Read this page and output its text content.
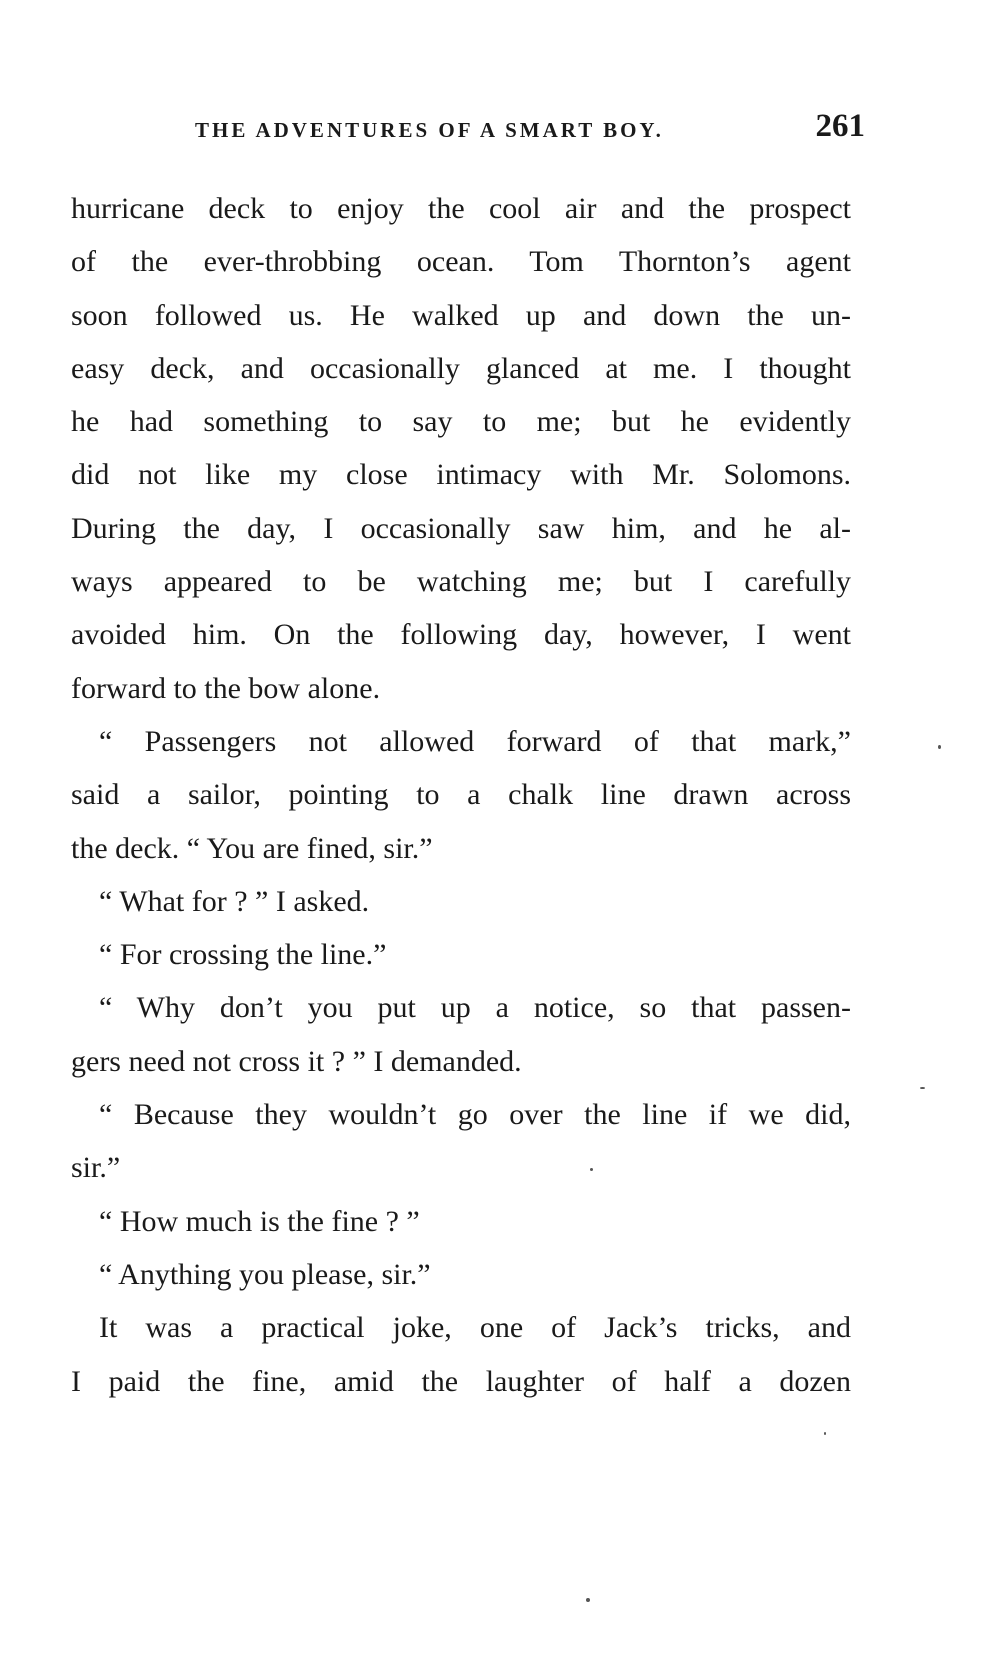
THE ADVENTURES OF A SMART BOY.	261
hurricane deck to enjoy the cool air and the prospect
of the ever-throbbing ocean. Tom Thornton’s agent
soon followed us. He walked up and down the un-
easy deck, and occasionally glanced at me. I thought
he had something to say to me; but he evidently
did not like my close intimacy with Mr. Solomons.
During the day, I occasionally saw him, and he al-
ways appeared to be watching me; but I carefully
avoided him. On the following day, however, I went
forward to the bow alone.
“ Passengers not allowed forward of that mark,”
said a sailor, pointing to a chalk line drawn across
the deck. “ You are fined, sir.”
“ What for ? ” I asked.
“ For crossing the line.”
“ Why don’t you put up a notice, so that passen-
gers need not cross it ? ” I demanded.
“ Because they wouldn’t go over the line if we did,
sir.”
“ How much is the fine ? ”
“ Anything you please, sir.”
It was a practical joke, one of Jack’s tricks, and
I paid the fine, amid the laughter of half a dozen
